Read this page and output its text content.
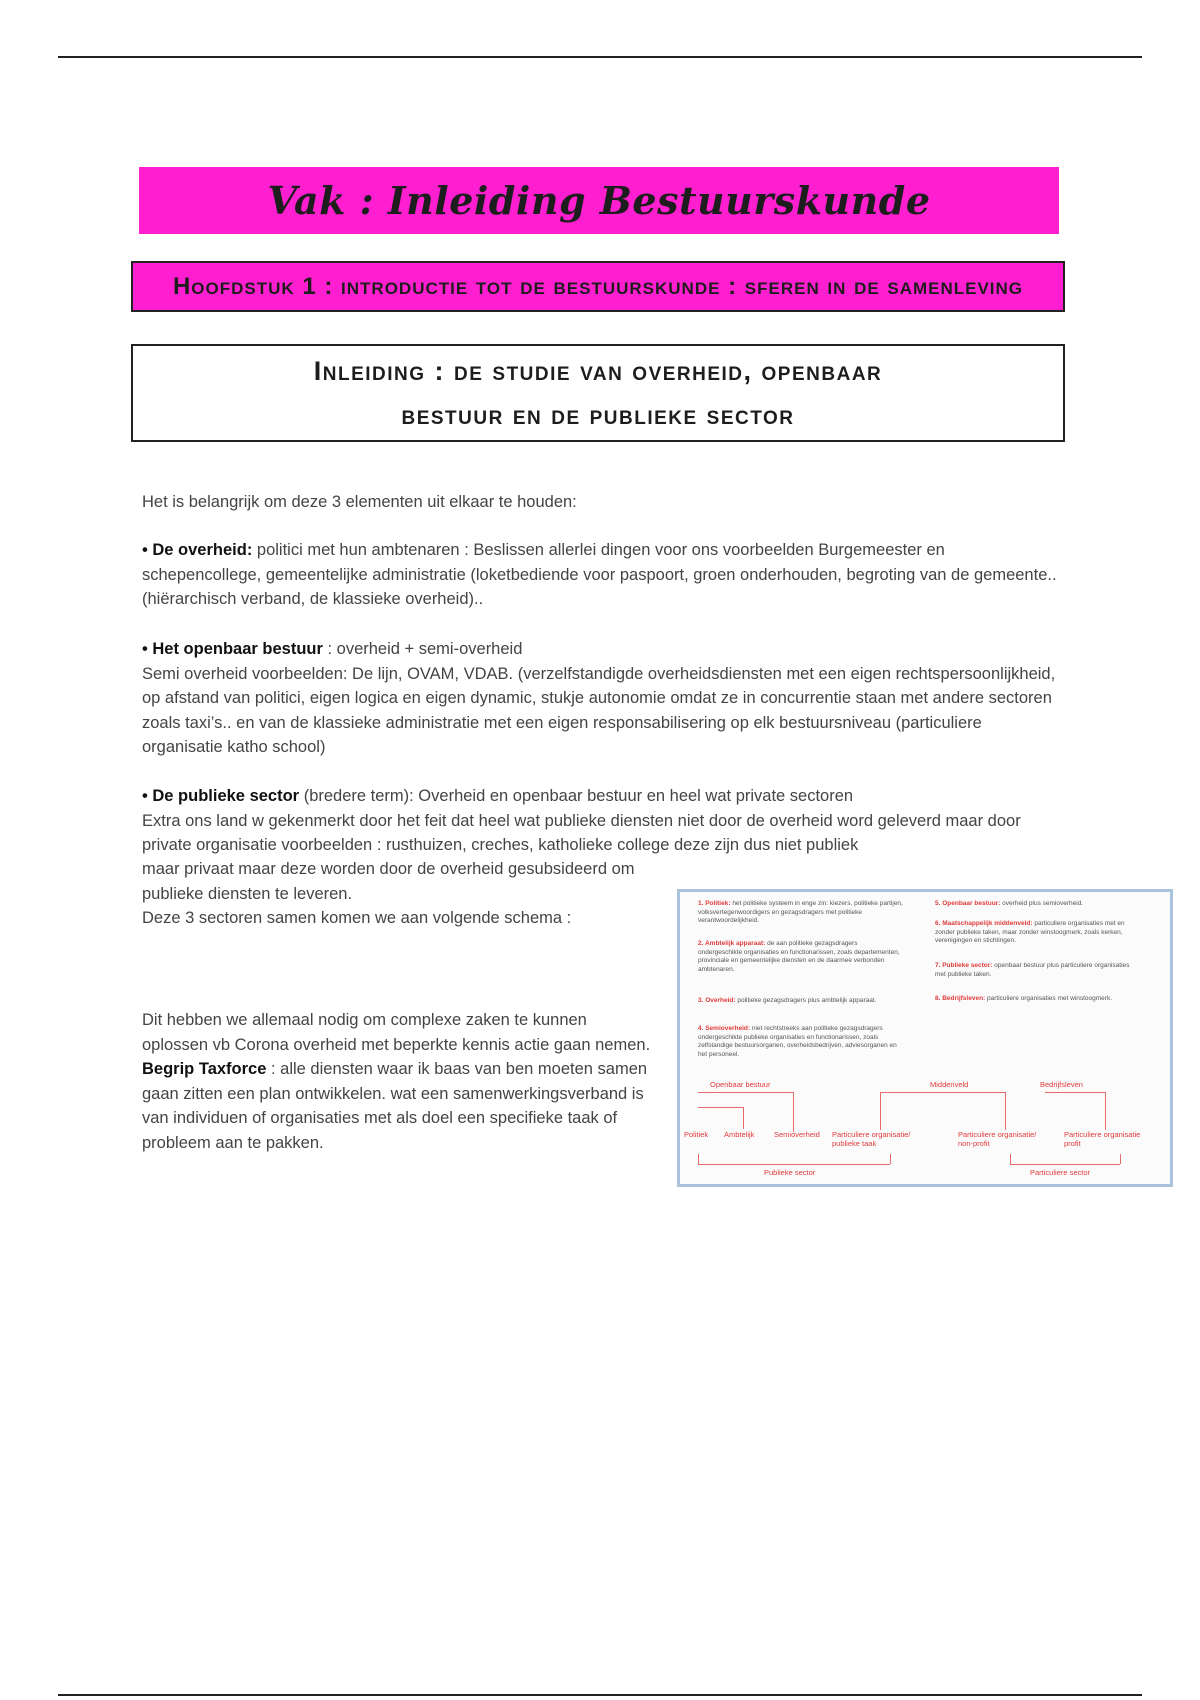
Vak : Inleiding Bestuurskunde
Hoofdstuk 1 : introductie tot de bestuurskunde : sferen in de samenleving
Inleiding : de studie van overheid, openbaar
bestuur en de publieke sector
Het is belangrijk om deze 3 elementen uit elkaar te houden:
• De overheid: politici met hun ambtenaren : Beslissen allerlei dingen voor ons voorbeelden Burgemeester en schepencollege, gemeentelijke administratie (loketbediende voor paspoort, groen onderhouden, begroting van de gemeente.. (hiërarchisch verband, de klassieke overheid)..
• Het openbaar bestuur : overheid + semi-overheid
Semi overheid voorbeelden: De lijn, OVAM, VDAB. (verzelfstandigde overheidsdiensten met een eigen rechtspersoonlijkheid, op afstand van politici, eigen logica en eigen dynamic, stukje autonomie omdat ze in concurrentie staan met andere sectoren zoals taxi’s.. en van de klassieke administratie met een eigen responsabilisering op elk bestuursniveau (particuliere organisatie katho school)
• De publieke sector (bredere term): Overheid en openbaar bestuur en heel wat private sectoren
Extra ons land w gekenmerkt door het feit dat heel wat publieke diensten niet door de overheid word geleverd maar door private organisatie voorbeelden : rusthuizen, creches, katholieke college deze zijn dus niet publiek
maar privaat maar deze worden door de overheid gesubsideerd om publieke diensten te leveren.
Deze 3 sectoren samen komen we aan volgende schema :
Dit hebben we allemaal nodig om complexe zaken te kunnen oplossen vb Corona overheid met beperkte kennis actie gaan nemen.
Begrip Taxforce : alle diensten waar ik baas van ben moeten samen gaan zitten een plan ontwikkelen. wat een samenwerkingsverband is van individuen of organisaties met als doel een specifieke taak of probleem aan te pakken.
1. Politiek: het politieke systeem in enge zin: kiezers, politieke partijen, volksvertegenwoordigers en gezagsdragers met politieke verantwoordelijkheid.
2. Ambtelijk apparaat: de aan politieke gezagsdragers ondergeschikte organisaties en functionarissen, zoals departementen, provinciale en gemeentelijke diensten en de daarmee verbonden ambtenaren.
3. Overheid: politieke gezagsdragers plus ambtelijk apparaat.
4. Semioverheid: niet rechtstreeks aan politieke gezagsdragers ondergeschikte publieke organisaties en functionarissen, zoals zelfstandige bestuursorganen, overheidsbedrijven, adviesorganen en het personeel.
5. Openbaar bestuur: overheid plus semioverheid.
6. Maatschappelijk middenveld: particuliere organisaties met en zonder publieke taken, maar zonder winstoogmerk, zoals kerken, verenigingen en stichtingen.
7. Publieke sector: openbaar bestuur plus particuliere organisaties met publieke taken.
8. Bedrijfsleven: particuliere organisaties met winstoogmerk.
Openbaar bestuur	Middenveld	Bedrijfsleven
Politiek Ambtelijk	Semioverheid Particuliere organisatie/ publieke taak
Particuliere organisatie/ non-profit
Particuliere organisatie profit
Publieke sector	Particuliere sector
